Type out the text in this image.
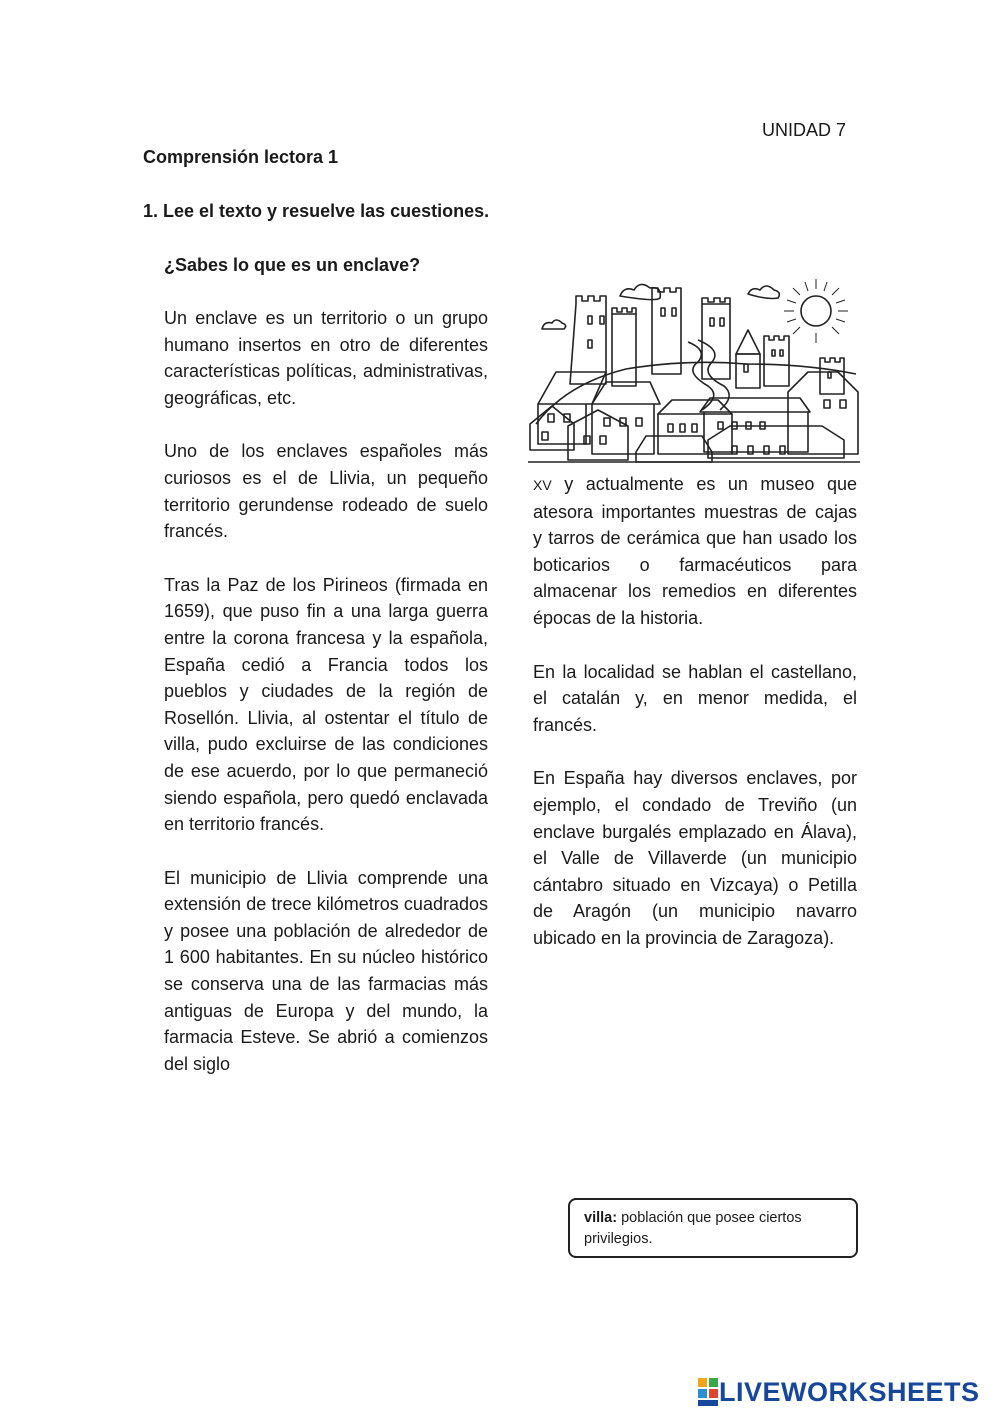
UNIDAD 7
Comprensión lectora 1
1. Lee el texto y resuelve las cuestiones.
¿Sabes lo que es un enclave?

Un enclave es un territorio o un grupo humano insertos en otro de diferentes características políticas, administrativas, geográficas, etc.

Uno de los enclaves españoles más curiosos es el de Llivia, un pequeño territorio gerundense rodeado de suelo francés.

Tras la Paz de los Pirineos (firmada en 1659), que puso fin a una larga guerra entre la corona francesa y la española, España cedió a Francia todos los pueblos y ciudades de la región de Rosellón. Llivia, al ostentar el título de villa, pudo excluirse de las condiciones de ese acuerdo, por lo que permaneció siendo española, pero quedó enclavada en territorio francés.

El municipio de Llivia comprende una extensión de trece kilómetros cuadrados y posee una población de alrededor de 1 600 habitantes. En su núcleo histórico se conserva una de las farmacias más antiguas de Europa y del mundo, la farmacia Esteve. Se abrió a comienzos del siglo

XV y actualmente es un museo que atesora importantes muestras de cajas y tarros de cerámica que han usado los boticarios o farmacéuticos para almacenar los remedios en diferentes épocas de la historia.

En la localidad se hablan el castellano, el catalán y, en menor medida, el francés.

En España hay diversos enclaves, por ejemplo, el condado de Treviño (un enclave burgalés emplazado en Álava), el Valle de Villaverde (un municipio cántabro situado en Vizcaya) o Petilla de Aragón (un municipio navarro ubicado en la provincia de Zaragoza).

villa: población que posee ciertos privilegios.
LIVEWORKSHEETS
